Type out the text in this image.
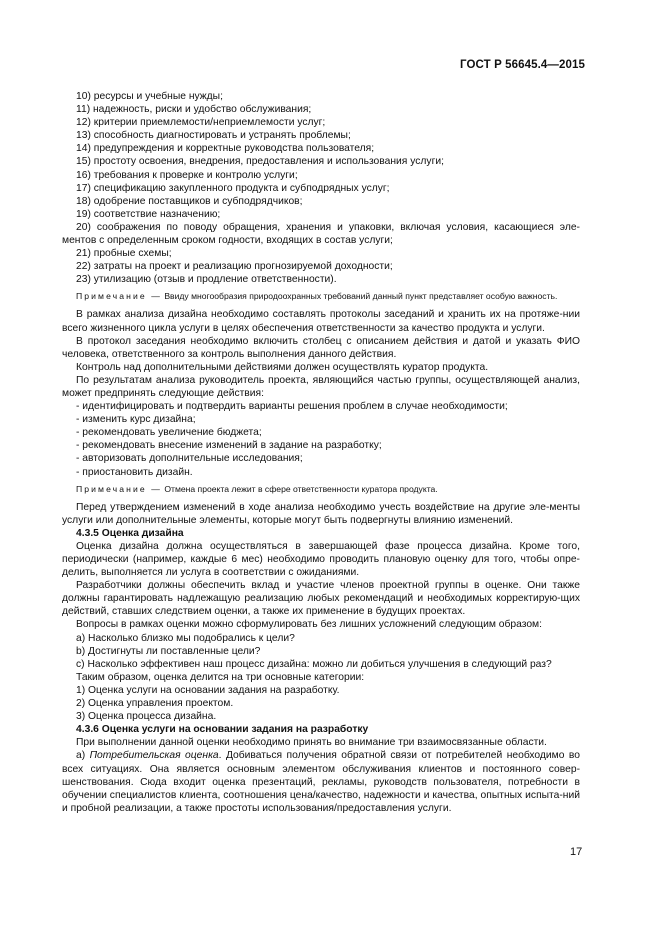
ГОСТ Р 56645.4—2015

10) ресурсы и учебные нужды;

11) надежность, риски и удобство обслуживания;

12) критерии приемлемости/неприемлемости услуг;

13) способность диагностировать и устранять проблемы;

14) предупреждения и корректные руководства пользователя;

15) простоту освоения, внедрения, предоставления и использования услуги;

16) требования к проверке и контролю услуги;

17) спецификацию закупленного продукта и субподрядных услуг;

18) одобрение поставщиков и субподрядчиков;

19) соответствие назначению;

20) соображения по поводу обращения, хранения и упаковки, включая условия, касающиеся эле-ментов с определенным сроком годности, входящих в состав услуги;

21) пробные схемы;

22) затраты на проект и реализацию прогнозируемой доходности;

23) утилизацию (отзыв и продление ответственности).

Примечание — Ввиду многообразия природоохранных требований данный пункт представляет особую важность.

В рамках анализа дизайна необходимо составлять протоколы заседаний и хранить их на протяже-нии всего жизненного цикла услуги в целях обеспечения ответственности за качество продукта и услуги.

В протокол заседания необходимо включить столбец с описанием действия и датой и указать ФИО человека, ответственного за контроль выполнения данного действия.

Контроль над дополнительными действиями должен осуществлять куратор продукта.

По результатам анализа руководитель проекта, являющийся частью группы, осуществляющей анализ, может предпринять следующие действия:

- идентифицировать и подтвердить варианты решения проблем в случае необходимости;

- изменить курс дизайна;

- рекомендовать увеличение бюджета;

- рекомендовать внесение изменений в задание на разработку;

- авторизовать дополнительные исследования;

- приостановить дизайн.

Примечание — Отмена проекта лежит в сфере ответственности куратора продукта.

Перед утверждением изменений в ходе анализа необходимо учесть воздействие на другие эле-менты услуги или дополнительные элементы, которые могут быть подвергнуты влиянию изменений.

4.3.5 Оценка дизайна

Оценка дизайна должна осуществляться в завершающей фазе процесса дизайна. Кроме того, периодически (например, каждые 6 мес) необходимо проводить плановую оценку для того, чтобы опре-делить, выполняется ли услуга в соответствии с ожиданиями.

Разработчики должны обеспечить вклад и участие членов проектной группы в оценке. Они также должны гарантировать надлежащую реализацию любых рекомендаций и необходимых корректирую-щих действий, ставших следствием оценки, а также их применение в будущих проектах.

Вопросы в рамках оценки можно сформулировать без лишних усложнений следующим образом:

a) Насколько близко мы подобрались к цели?

b) Достигнуты ли поставленные цели?

c) Насколько эффективен наш процесс дизайна: можно ли добиться улучшения в следующий раз?

Таким образом, оценка делится на три основные категории:

1) Оценка услуги на основании задания на разработку.

2) Оценка управления проектом.

3) Оценка процесса дизайна.

4.3.6 Оценка услуги на основании задания на разработку

При выполнении данной оценки необходимо принять во внимание три взаимосвязанные области.

а) Потребительская оценка. Добиваться получения обратной связи от потребителей необходимо во всех ситуациях. Она является основным элементом обслуживания клиентов и постоянного совер-шенствования. Сюда входит оценка презентаций, рекламы, руководств пользователя, потребности в обучении специалистов клиента, соотношения цена/качество, надежности и качества, опытных испыта-ний и пробной реализации, а также простоты использования/предоставления услуги.

17
